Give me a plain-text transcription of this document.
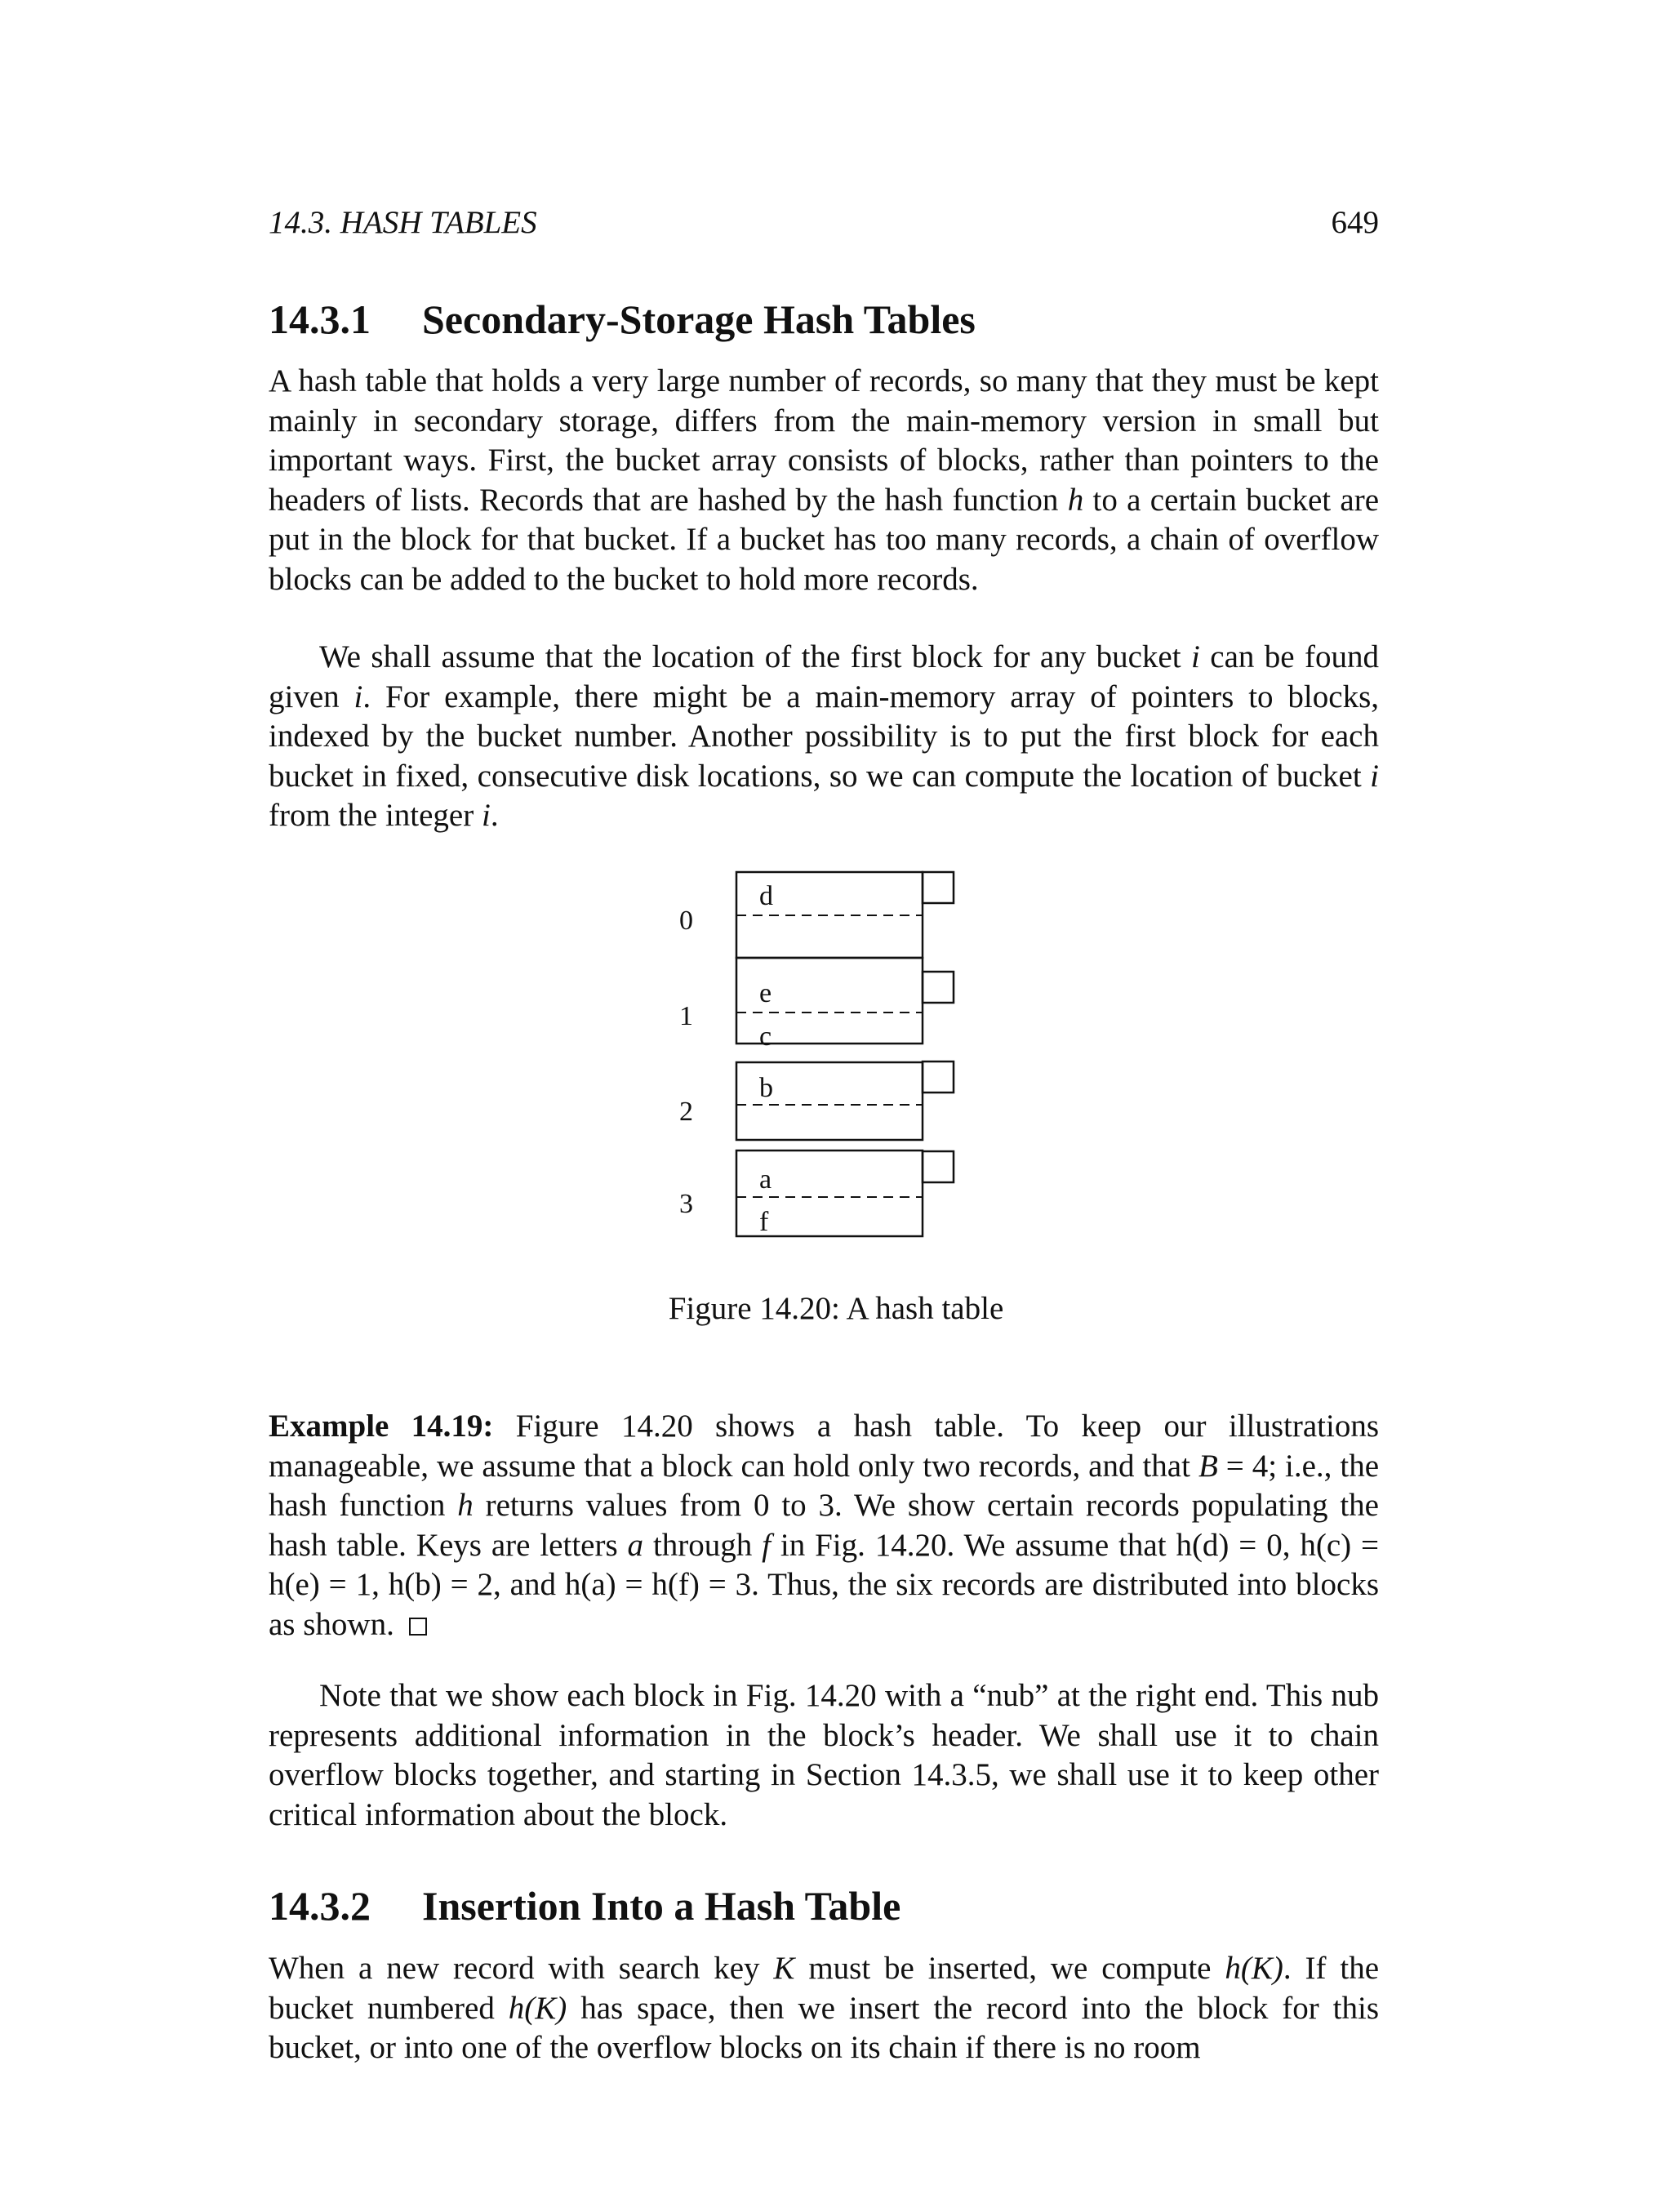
14.3. HASH TABLES	649
14.3.1 Secondary-Storage Hash Tables
A hash table that holds a very large number of records, so many that they must be kept mainly in secondary storage, differs from the main-memory version in small but important ways. First, the bucket array consists of blocks, rather than pointers to the headers of lists. Records that are hashed by the hash function h to a certain bucket are put in the block for that bucket. If a bucket has too many records, a chain of overflow blocks can be added to the bucket to hold more records.
We shall assume that the location of the first block for any bucket i can be found given i. For example, there might be a main-memory array of pointers to blocks, indexed by the bucket number. Another possibility is to put the first block for each bucket in fixed, consecutive disk locations, so we can compute the location of bucket i from the integer i.
0
d
1
e
c
2
b
3
a
f
Figure 14.20: A hash table
Example 14.19: Figure 14.20 shows a hash table. To keep our illustrations manageable, we assume that a block can hold only two records, and that B = 4; i.e., the hash function h returns values from 0 to 3. We show certain records populating the hash table. Keys are letters a through f in Fig. 14.20. We assume that h(d) = 0, h(c) = h(e) = 1, h(b) = 2, and h(a) = h(f) = 3. Thus, the six records are distributed into blocks as shown.
Note that we show each block in Fig. 14.20 with a “nub” at the right end. This nub represents additional information in the block’s header. We shall use it to chain overflow blocks together, and starting in Section 14.3.5, we shall use it to keep other critical information about the block.
14.3.2 Insertion Into a Hash Table
When a new record with search key K must be inserted, we compute h(K). If the bucket numbered h(K) has space, then we insert the record into the block for this bucket, or into one of the overflow blocks on its chain if there is no room
